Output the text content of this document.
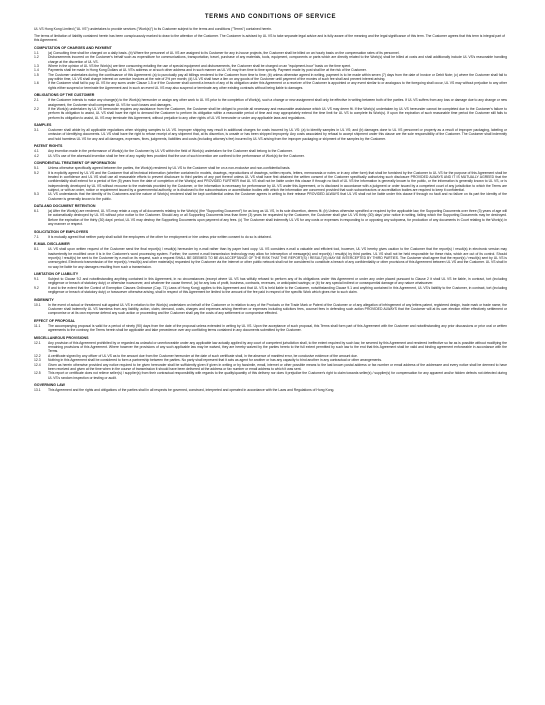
TERMS AND CONDITIONS OF SERVICE

UL VS Hong Kong Limited ("UL VS") undertakes to provide services ("Work(s)") to its Customer subject to the terms and conditions ("Terms") contained herein.

The terms of limitation of liability contained herein has been conspicuously marked to draw to the attention of the Customer. The Customer is advised by UL VS to take separate legal advice and is fully aware of the meaning and the legal significance of this term. The Customer agrees that this term is integral part of this Agreement.

COMPUTATION OF CHARGES AND PAYMENT
1.1	(a) Consulting time shall be charged on a daily basis. (b) Where the personnel of UL VS are assigned to its Customer for any in-house projects, the Customer shall be billed on an hourly basis on the compensation rates of its personnel.
1.2	Disbursements incurred on the Customer's behalf such as expenditure for communications, transportation, travel, purchase of any materials, tools, equipment, components or parts which are directly related to the Work(s) shall be billed at costs and shall additionally include UL VS's reasonable handling charge at the discretion of UL VS.
1.3	Where in the opinion of UL VS the Work(s) are time consuming entailing the use of special equipment and disbursements, the Customer shall be charged on an "equipment-hour" basis on the time spent.
1.4	Payments shall be made in Hong Kong Dollars at UL VS's address or at such other address and in such manner as UL VS may from time to time specify. Payment made by post shall be at the risk of the Customer.
1.5	The Customer undertakes during the continuance of this Agreement: (a) to punctually pay all billings rendered to the Customer from time to time; (b) unless otherwise agreed in writing, payment is to be made within seven (7) days from the date of Invoice or Debit Note; (c) where the Customer shall fail to pay within time, UL VS shall charge interest on overdue invoices at the rate of 2% per month; (d) UL VS shall have a lien on any goods of the Customer until payment of the monies of such fee shall and prevent interest arising.
1.6	If the Customer shall fail to pay UL VS for any sums under Clause 1.5 or if the Customer shall commit a breach of any of its obligation under this Agreement or a receiver of the Customer is appointed or any event similar to or analogous to the foregoing shall occur, UL VS may without prejudice to any other rights either suspend or terminate the Agreement and in such an event UL VS may also suspend or terminate any other existing contracts without being liable to damages.
OBLIGATIONS OF THE CUSTOMER
2.1	If the Customer intends to make any change(s) to the Work(s) hereunder or assign any other work to UL VS prior to the completion of Work(s), such a change or new assignment shall only be effective in writing between both of the parties. If UL VS suffers from any loss or damage due to any change or new assignment, the Customer shall compensate UL VS for such losses and damages.
2.2	If the Work(s) undertaken by UL VS hereunder requires any assistance from the Customer, the Customer shall be obliged to provide all necessary and reasonable assistance which UL VS may deem fit. If the Work(s) undertaken by UL VS hereunder cannot be completed due to the Customer's failure to perform its obligation to assist, UL VS shall have the right to demand the Customer to perform its obligation within a reasonable period of time and may appropriately extend the time limit for UL VS to complete its Work(s). If upon the expiration of such reasonable time period the Customer still fails to perform its obligation to assist, UL VS may terminate this Agreement, without prejudice to any other rights of UL VS hereunder or under any applicable laws and regulations.
SAMPLES
3.1	Customer shall abide by all applicable regulations when shipping samples to UL VS. Improper shipping may result in additional charges for costs incurred by UL VS: (a) to identify samples in UL VS; and (b) damages done to UL VS personnel or property as a result of improper packaging, labeling or omission of identifying documents. UL VS shall have the right to refuse receipt of any shipment that, at its discretion, is unsafe or has been shipped improperly. Any costs associated by refusal to accept shipment under this clause are the sole responsibility of the Customer. The Customer shall indemnify and hold harmless UL VS for any and all damages, expenses, fines, judgments, liabilities and costs (including attorney's fee) incurred by UL VS arising from the improper packaging or shipment of the samples by the Customer.
PATENT RIGHTS
4.1	Any invention made in the performance of Work(s) for the Customer by UL VS within the field of Work(s) undertaken for the Customer shall belong to the Customer.
4.2	UL VS's use of the aforesaid invention shall be free of any royalty fees provided that the use of such invention are confined to the performance of Work(s) for the Customer.
CONFIDENTIAL TREATMENT OF INFORMATION
5.1	Unless otherwise specifically agreed between the parties, the Work(s) rendered by UL VS to the Customer shall be on a non-exclusive and non-confidential basis.
5.2	It is explicitly agreed by UL VS and the Customer that all technical information (whether contained in models, drawings, reproductions of drawings, written reports, letters, memoranda or notes or in any other form) that shall be furnished by the Customer to UL VS for the purpose of this Agreement shall be treated in confidence and UL VS shall use all reasonable efforts to prevent disclosure to third parties of any part thereof unless UL VS shall have first obtained the written consent of the Customer specifically authorizing such disclosure PROVIDED ALWAYS AND IT IS MUTUALLY AGREED that the confidentiality shall extend for a period of five (5) years from the date of completion of the Work(s) and PROVIDED FURTHER that UL VS shall not be liable under this clause if through no fault of UL VS the information is generally known to the public, or the information is generally known to UL VS, or is independently developed by UL VS without recourse to the materials provided by the Customer, or the information is necessary for performance by UL VS under this Agreement, or is disclosed in accordance with a judgment or order issued by a competent court of any jurisdiction to which the Terms are subject, or with an order, notice or requirement issued by a governmental authority, or is disclosed to the subcontractors or accreditation bodies with which the information are concerned provided that such subcontractors or accreditation bodies are required to keep it confidential.
5.3	UL VS understands that the identity of its Customers and the nature of Work(s) rendered shall be kept confidential unless the Customer agrees in writing to their release PROVIDED ALWAYS that UL VS shall not be liable under this clause if through no fault and no failure on its part the identity of the Customer is generally known to the public.
DATA AND DOCUMENT RETENTION
6.1	(a) After the Work(s) are rendered, UL VS may retain a copy of all documents relating to the Work(s) (the "Supporting Document") for as long as UL VS, in its sole discretion, deems fit. (b) Unless otherwise specified or required by the applicable law, the Supporting Documents over three (3) years of age will be automatically destroyed by UL VS without prior notice to the Customer. Should any or all Supporting Documents less than three (3) years be requested by the Customer, the Customer shall give UL VS thirty (30) days' prior notice in writing, failing which the Supporting Documents may be destroyed. Before the expiration of the thirty (30) days' period, UL VS may destroy the Supporting Documents upon payment of any fees. (c) The Customer shall indemnify UL VS for any costs or expenses in responding to or opposing any subpoena, for production of any documents in Court relating to the Work(s) in any manner or respect.
SOLICITATION OF EMPLOYEES
7.1	It is mutually agreed that neither party shall solicit the employees of the other for employment or hire unless prior written consent to do so is obtained.
E-MAIL DISCLAIMER
8.1	UL VS shall upon written request of the Customer send the final report(s) / result(s) hereunder by e-mail rather than by paper hard copy. UL VS considers e-mail a valuable and efficient tool, however, UL VS hereby gives caution to the Customer that the report(s) / result(s) in electronic version may inadvertently be modified once it is in the Customer's word processing system. Further, the current e-mail transmission technology may allow for interception of message(s) and report(s) / result(s) by third parties. UL VS shall not be held responsible for these risks, which are out of its control. Should report(s) / result(s) be sent to the Customer by e-mail on its request, such a request SHALL BE DEEMED TO BE AN ACCEPTANCE OF THE RISK THAT THE REPORT(S) / RESULT(S) MAY BE INTERCEPTED BY THIRD PARTIES. The Customer shall agree that the report(s) / result(s) sent by UL VS is unencrypted. Electronic transmission of the report(s) / result(s) and other material(s) requested by the Customer via the Internet or other public network shall not be considered to constitute a breach of any confidentiality or other provisions of this Agreement between UL VS and the Customer. UL VS shall in no way be liable for any damages resulting from such a transmission.
LIMITATION OF LIABILITY
9.1	Subject to Clause 9.2 and notwithstanding anything contained in this Agreement, in no circumstances (except where UL VS has wilfully refused to perform any of its obligations under this Agreement or under any order placed pursuant to Clause 2 it shall UL VS be liable, in contract, tort (including negligence or breach of statutory duty) or otherwise howsoever, and whatever the cause thereof, (a) for any loss of profit, business, contracts, revenues, or anticipated savings; or (b) for any special indirect or consequential damage of any nature whatsoever.
9.2	If and to the extent that the Control of Exemption Clauses Ordinance (Cap. 71) Laws of Hong Kong) applies to this Agreement and that UL VS is held liable to the Customer, notwithstanding Clause 9.1 and anything contained in this Agreement, UL VS's liability to the Customer, in contract, tort (including negligence or breach of statutory duty) or howsoever otherwise arising, shall in respect of this Agreement be limited to the amount of the fee paid in respect of the specific Work which gives rise to such claim.
INDEMNITY
10.1	In the event of actual or threatened suit against UL VS in relation to the Work(s) undertaken on behalf of the Customer or in relation to any of the Products or the Trade Mark or Patent of the Customer or of any allegation of infringement of any letters patent, registered design, trade mark or trade name, the Customer shall indemnify UL VS harmless from any liability, action, claim, demand, costs, charges and expenses arising therefrom or expenses including solicitors fees, counsel fees in defending such action PROVIDED ALWAYS that the Customer will at its own election either effectively settlement or compromise or at its own expense defend any such action or proceeding and the Customer shall pay the costs of any settlement or compromise effected.
EFFECT OF PROPOSAL
11.1	The accompanying proposal is valid for a period of ninety (90) days from the date of the proposal unless extended in writing by UL VS. Upon the acceptance of such proposal, this Terms shall form part of this Agreement with the Customer and notwithstanding any prior discussions or prior oral or written agreements to the contrary, the Terms herein shall be applicable and take precedence over any conflicting terms contained in any documents submitted by the Customer.
MISCELLANEOUS PROVISIONS
12.1	Any provision of this Agreement prohibited by or regarded as unlawful or unenforceable under any applicable law actually applied by any court of competent jurisdiction shall, to the extent required by such law, be severed by this Agreement and rendered ineffective so far as is possible without modifying the remaining provisions of this Agreement. Where however the provisions of any such applicable law may be waived, they are hereby waived by the parties hereto to the full extent permitted by such law to the end that this Agreement shall be valid and binding agreement enforceable in accordance with the Terms.
12.2	A certificate signed by any officer of UL VS as to the amount due from the Customer hereunder at the date of such certificate shall, in the absence of manifest error, be conclusive evidence of the amount due.
12.3	Nothing in this Agreement shall be considered to form a partnership between the parties. No party shall represent that it acts as agent for another or has any capacity to bind another in any contractual or other arrangements.
12.4	Given as herein otherwise provided any notice required to be given hereunder shall be sufficiently given if given in writing or by facsimile, email, internet or other possible means to the last known postal address or fax number or email address of the addressee and every notice shall be deemed to have been received and given at the time when in the course of transmission it should have been delivered at the address or fax number or email address to which it was sent.
12.5	This report or certificate does not relieve seller(s) / supplier(s) from their contractual responsibility with regards to the quality/quantity of this delivery nor does it prejudice the Customer's right to claim towards seller(s) / supplier(s) for compensation for any apparent and/or hidden defects not detected during UL VS's random inspection or testing or audit.
GOVERNING LAW
13.1	This Agreement and the rights and obligations of the parties shall in all respects be governed, construed, interpreted and operated in accordance with the Laws and Regulations of Hong Kong.
